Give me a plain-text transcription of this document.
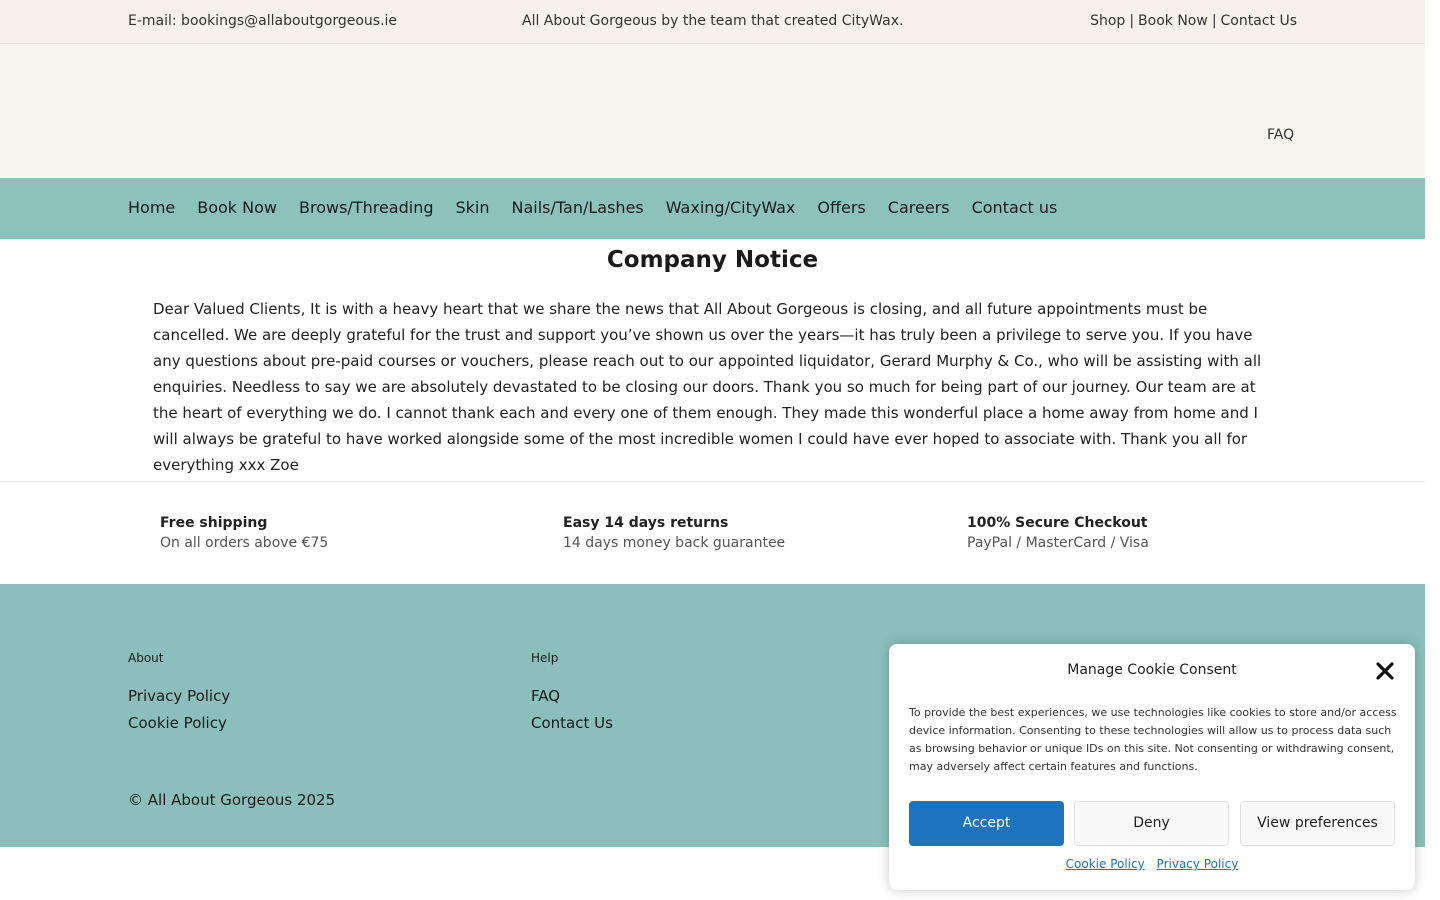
E-mail: bookings@allaboutgorgeous.ie	All About Gorgeous by the team that created CityWax.	Shop | Book Now | Contact Us
FAQ
Home Book Now Brows/Threading Skin Nails/Tan/Lashes Waxing/CityWax Offers Careers Contact us
Company Notice

Dear Valued Clients, It is with a heavy heart that we share the news that All About Gorgeous is closing, and all future appointments must be cancelled. We are deeply grateful for the trust and support you’ve shown us over the years—it has truly been a privilege to serve you. If you have any questions about pre-paid courses or vouchers, please reach out to our appointed liquidator, Gerard Murphy & Co., who will be assisting with all enquiries. Needless to say we are absolutely devastated to be closing our doors. Thank you so much for being part of our journey. Our team are at the heart of everything we do. I cannot thank each and every one of them enough. They made this wonderful place a home away from home and I will always be grateful to have worked alongside some of the most incredible women I could have ever hoped to associate with. Thank you all for everything xxx Zoe

Free shipping
On all orders above €75
Easy 14 days returns
14 days money back guarantee
100% Secure Checkout
PayPal / MasterCard / Visa
About
Privacy Policy
Cookie Policy
Help
FAQ
Contact Us
© All About Gorgeous 2025
Manage Cookie Consent
To provide the best experiences, we use technologies like cookies to store and/or access device information. Consenting to these technologies will allow us to process data such as browsing behavior or unique IDs on this site. Not consenting or withdrawing consent, may adversely affect certain features and functions.
Accept	Deny	View preferences
Cookie Policy Privacy Policy
